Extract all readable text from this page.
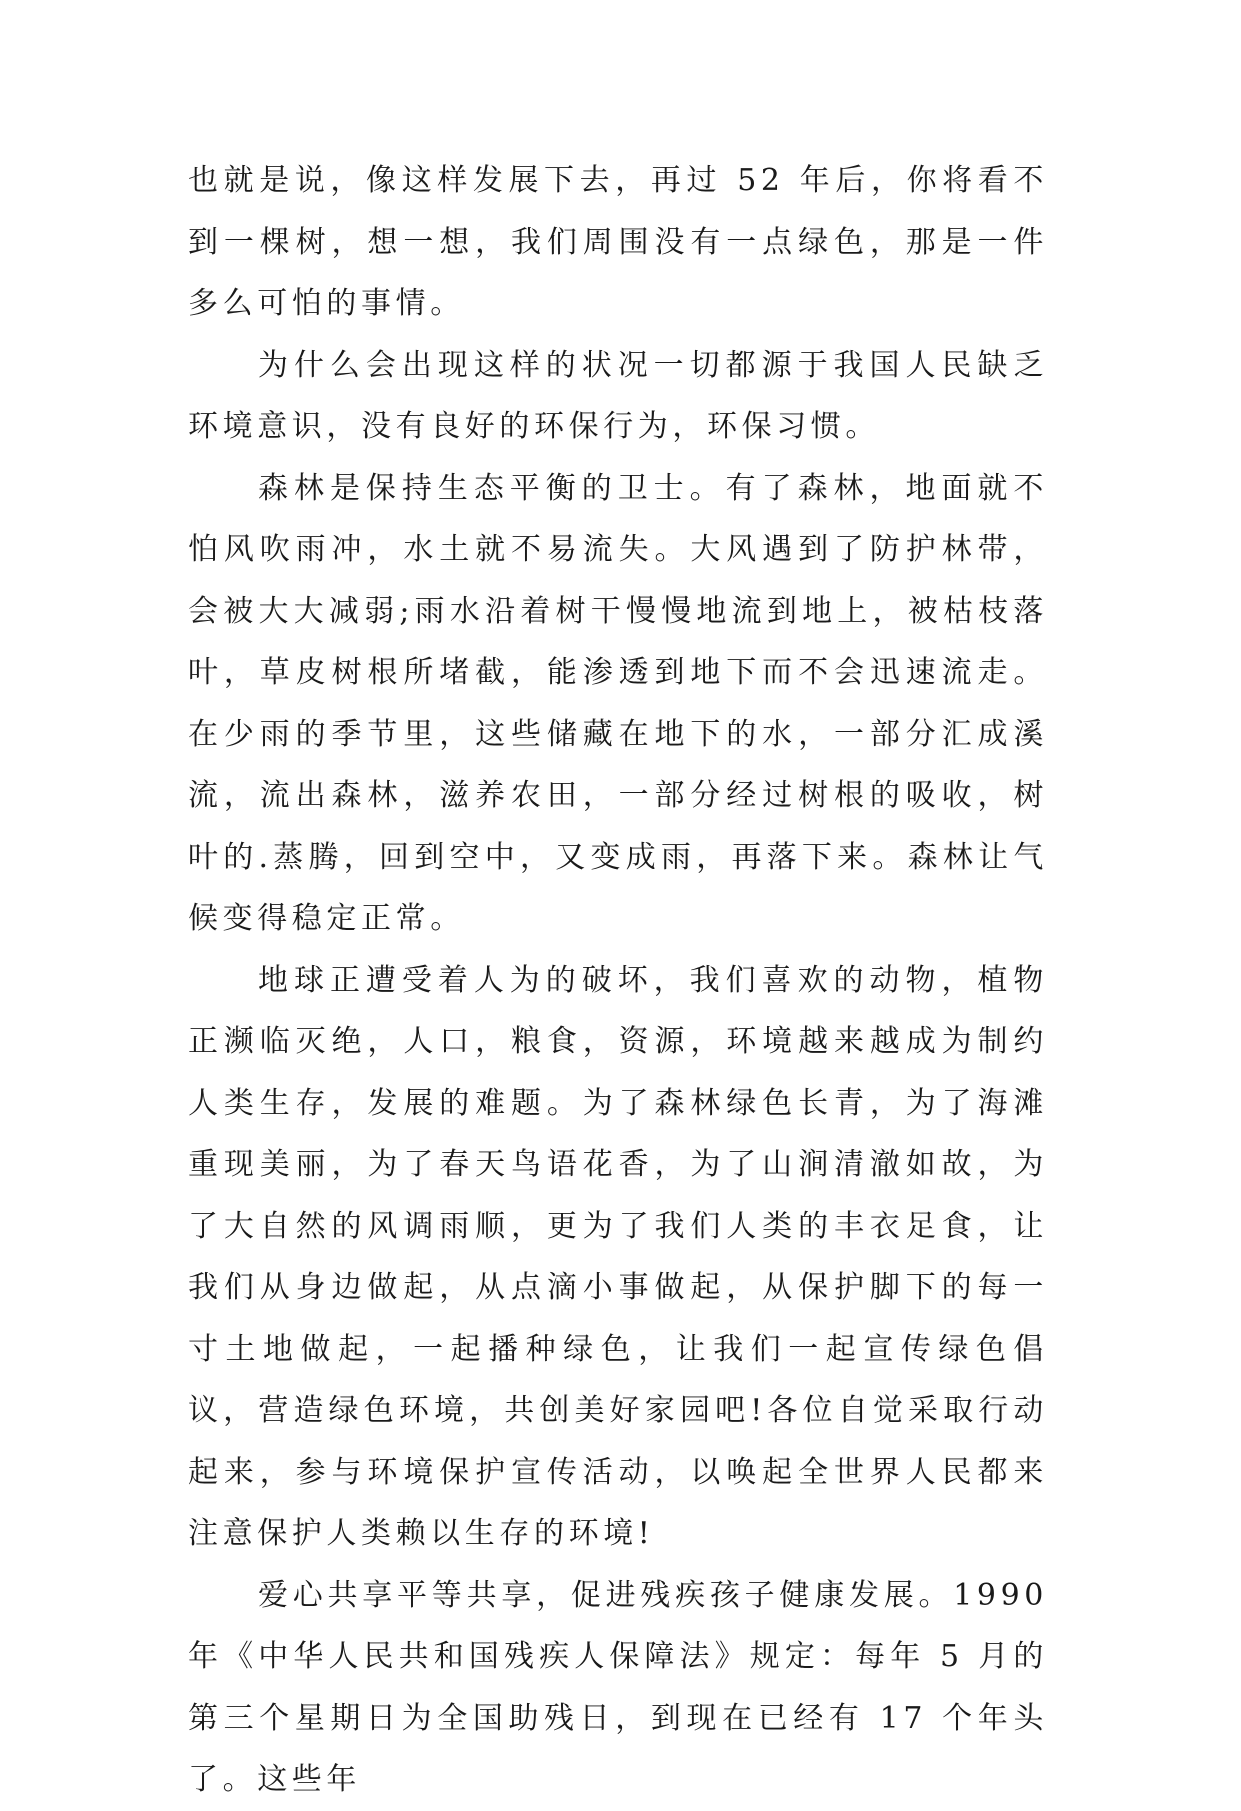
也就是说，像这样发展下去，再过 52 年后，你将看不到一棵树，想一想，我们周围没有一点绿色，那是一件多么可怕的事情。

为什么会出现这样的状况一切都源于我国人民缺乏环境意识，没有良好的环保行为，环保习惯。

森林是保持生态平衡的卫士。有了森林，地面就不怕风吹雨冲，水土就不易流失。大风遇到了防护林带，会被大大减弱;雨水沿着树干慢慢地流到地上，被枯枝落叶，草皮树根所堵截，能渗透到地下而不会迅速流走。在少雨的季节里，这些储藏在地下的水，一部分汇成溪流，流出森林，滋养农田，一部分经过树根的吸收，树叶的.蒸腾，回到空中，又变成雨，再落下来。森林让气候变得稳定正常。

地球正遭受着人为的破坏，我们喜欢的动物，植物正濒临灭绝，人口，粮食，资源，环境越来越成为制约人类生存，发展的难题。为了森林绿色长青，为了海滩重现美丽，为了春天鸟语花香，为了山涧清澈如故，为了大自然的风调雨顺，更为了我们人类的丰衣足食，让我们从身边做起，从点滴小事做起，从保护脚下的每一寸土地做起，一起播种绿色，让我们一起宣传绿色倡议，营造绿色环境，共创美好家园吧!各位自觉采取行动起来，参与环境保护宣传活动，以唤起全世界人民都来注意保护人类赖以生存的环境!

爱心共享平等共享，促进残疾孩子健康发展。1990 年《中华人民共和国残疾人保障法》规定：每年 5 月的第三个星期日为全国助残日，到现在已经有 17 个年头了。这些年
